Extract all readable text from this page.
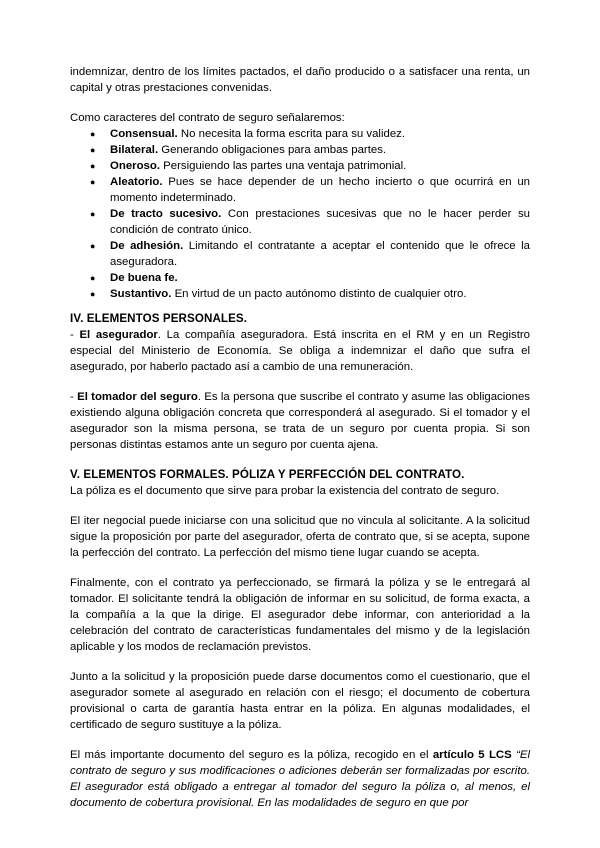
indemnizar, dentro de los límites pactados, el daño producido o a satisfacer una renta, un capital y otras prestaciones convenidas.

Como caracteres del contrato de seguro señalaremos:

● Consensual. No necesita la forma escrita para su validez.
● Bilateral. Generando obligaciones para ambas partes.
● Oneroso. Persiguiendo las partes una ventaja patrimonial.
● Aleatorio. Pues se hace depender de un hecho incierto o que ocurrirá en un momento indeterminado.
● De tracto sucesivo. Con prestaciones sucesivas que no le hacer perder su condición de contrato único.
● De adhesión. Limitando el contratante a aceptar el contenido que le ofrece la aseguradora.
● De buena fe.
● Sustantivo. En virtud de un pacto autónomo distinto de cualquier otro.
IV. ELEMENTOS PERSONALES.

- El asegurador. La compañía aseguradora. Está inscrita en el RM y en un Registro especial del Ministerio de Economía. Se obliga a indemnizar el daño que sufra el asegurado, por haberlo pactado así a cambio de una remuneración.

- El tomador del seguro. Es la persona que suscribe el contrato y asume las obligaciones existiendo alguna obligación concreta que corresponderá al asegurado. Si el tomador y el asegurador son la misma persona, se trata de un seguro por cuenta propia. Si son personas distintas estamos ante un seguro por cuenta ajena.

V. ELEMENTOS FORMALES. PÓLIZA Y PERFECCIÓN DEL CONTRATO.

La póliza es el documento que sirve para probar la existencia del contrato de seguro.

El iter negocial puede iniciarse con una solicitud que no vincula al solicitante. A la solicitud sigue la proposición por parte del asegurador, oferta de contrato que, si se acepta, supone la perfección del contrato. La perfección del mismo tiene lugar cuando se acepta.

Finalmente, con el contrato ya perfeccionado, se firmará la póliza y se le entregará al tomador. El solicitante tendrá la obligación de informar en su solicitud, de forma exacta, a la compañía a la que la dirige. El asegurador debe informar, con anterioridad a la celebración del contrato de características fundamentales del mismo y de la legislación aplicable y los modos de reclamación previstos.

Junto a la solicitud y la proposición puede darse documentos como el cuestionario, que el asegurador somete al asegurado en relación con el riesgo; el documento de cobertura provisional o carta de garantía hasta entrar en la póliza. En algunas modalidades, el certificado de seguro sustituye a la póliza.

El más importante documento del seguro es la póliza, recogido en el artículo 5 LCS “El contrato de seguro y sus modificaciones o adiciones deberán ser formalizadas por escrito. El asegurador está obligado a entregar al tomador del seguro la póliza o, al menos, el documento de cobertura provisional. En las modalidades de seguro en que por
